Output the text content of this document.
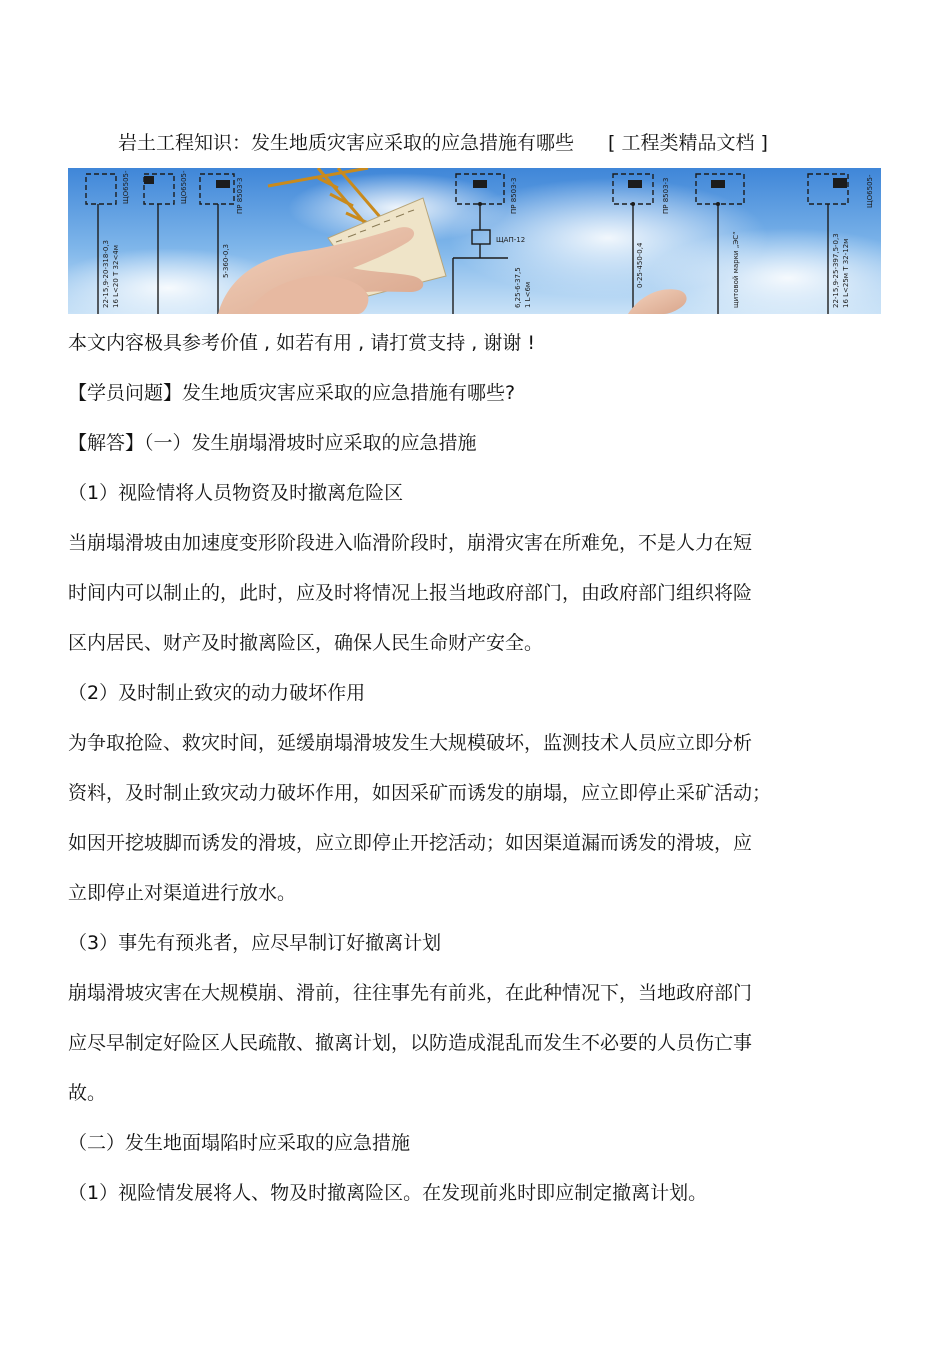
岩土工程知识：发生地质灾害应采取的应急措施有哪些 [ 工程类精品文档 ]
ЩО6505-	ЩО6505-	ПР 8503-3	ПР 8503-3	ПР 8503-3
ЩАП-12
ЩО6505-
22-15,9-20-318-0,3 16 L<20 T 32<4м	5-360-0,3
6,25-6-37,5 1 L<6м
0-25-450-0,4	щитовой марки „ЭС“	22-15,9-25-397,5-0,3 16 L<25м T 32-12м
本文内容极具参考价值 , 如若有用 , 请打赏支持 , 谢谢 !
【学员问题】发生地质灾害应采取的应急措施有哪些?
【解答】（一）发生崩塌滑坡时应采取的应急措施
（1）视险情将人员物资及时撤离危险区
当崩塌滑坡由加速度变形阶段进入临滑阶段时，崩滑灾害在所难免，不是人力在短
时间内可以制止的，此时，应及时将情况上报当地政府部门，由政府部门组织将险
区内居民、财产及时撤离险区，确保人民生命财产安全。
（2）及时制止致灾的动力破坏作用
为争取抢险、救灾时间，延缓崩塌滑坡发生大规模破坏，监测技术人员应立即分析
资料，及时制止致灾动力破坏作用，如因采矿而诱发的崩塌，应立即停止采矿活动；
如因开挖坡脚而诱发的滑坡，应立即停止开挖活动；如因渠道漏而诱发的滑坡，应
立即停止对渠道进行放水。
（3）事先有预兆者，应尽早制订好撤离计划
崩塌滑坡灾害在大规模崩、滑前，往往事先有前兆，在此种情况下，当地政府部门
应尽早制定好险区人民疏散、撤离计划，以防造成混乱而发生不必要的人员伤亡事
故。
（二）发生地面塌陷时应采取的应急措施
（1）视险情发展将人、物及时撤离险区。在发现前兆时即应制定撤离计划。
